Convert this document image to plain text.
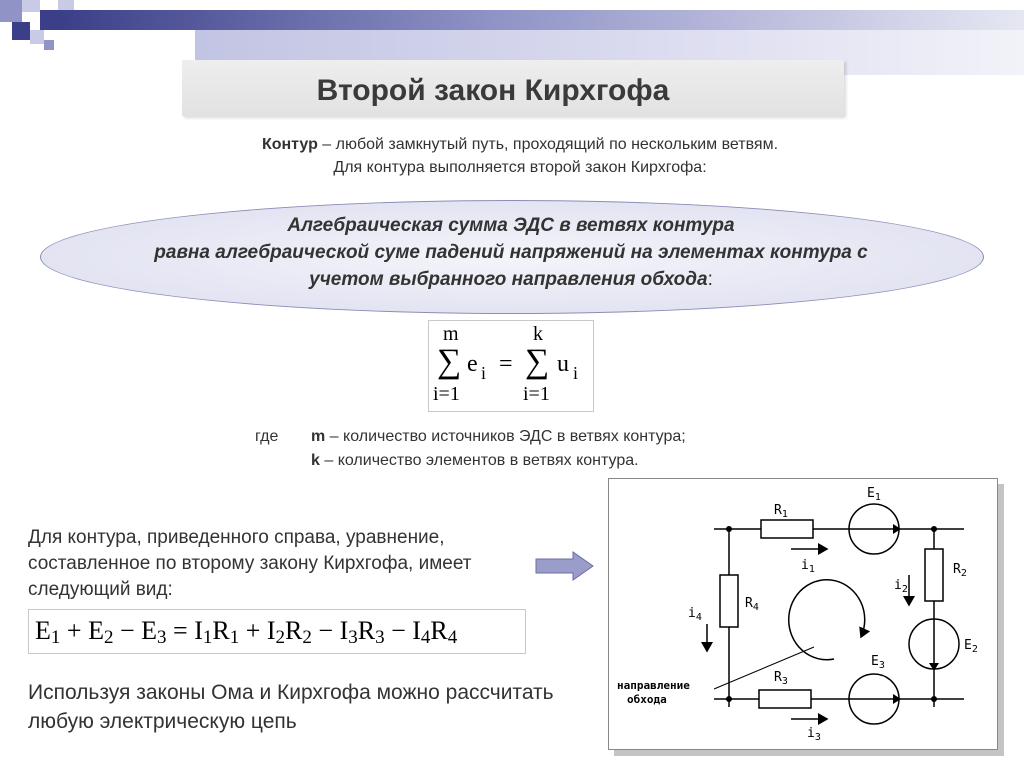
Второй закон Кирхгофа
Контур – любой замкнутый путь, проходящий по нескольким ветвям.
Для контура выполняется второй закон Кирхгофа:
Алгебраическая сумма ЭДС в ветвях контура
равна алгебраической суме падений напряжений на элементах контура с
учетом выбранного направления обхода:
m	k
∑ e i = ∑ u i
i=1	i=1
где m – количество источников ЭДС в ветвях контура;
k – количество элементов в ветвях контура.
Для контура, приведенного справа, уравнение, составленное по второму закону Кирхгофа, имеет следующий вид:
$E_1 + E_2 - E_3 = I_1R_1 + I_2R_2 - I_3R_3 - I_4R_4$
Используя законы Ома и Кирхгофа можно рассчитать любую электрическую цепь
$R_1$
$E_1$
$i_1$	$R_2$
$i_2$
$E_2$
$R_4$
$i_4$
$R_3$
$E_3$
$i_3$
направление
обхода
